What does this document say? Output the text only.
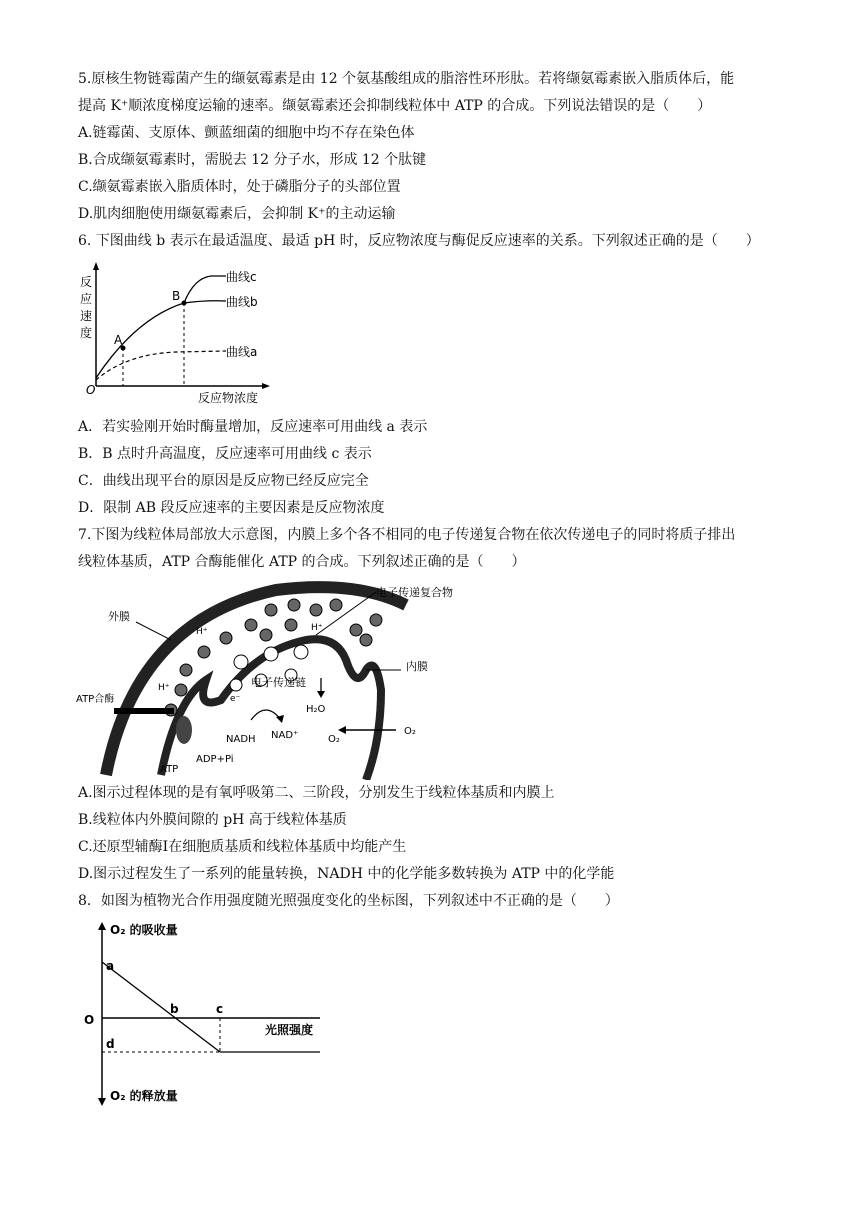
5.原核生物链霉菌产生的缬氨霉素是由 12 个氨基酸组成的脂溶性环形肽。若将缬氨霉素嵌入脂质体后，能
提高 K⁺顺浓度梯度运输的速率。缬氨霉素还会抑制线粒体中 ATP 的合成。下列说法错误的是（　　）
A.链霉菌、支原体、颤蓝细菌的细胞中均不存在染色体
B.合成缬氨霉素时，需脱去 12 分子水，形成 12 个肽键
C.缬氨霉素嵌入脂质体时，处于磷脂分子的头部位置
D.肌肉细胞使用缬氨霉素后，会抑制 K⁺的主动运输
6. 下图曲线 b 表示在最适温度、最适 pH 时，反应物浓度与酶促反应速率的关系。下列叙述正确的是（　　）
反
应
速
度
O
反应物浓度
A
B
曲线c
曲线b
曲线a
A．若实验刚开始时酶量增加，反应速率可用曲线 a 表示
B．B 点时升高温度，反应速率可用曲线 c 表示
C．曲线出现平台的原因是反应物已经反应完全
D．限制 AB 段反应速率的主要因素是反应物浓度
7.下图为线粒体局部放大示意图，内膜上多个各不相同的电子传递复合物在依次传递电子的同时将质子排出
线粒体基质，ATP 合酶能催化 ATP 的合成。下列叙述正确的是（　　）
电子传递复合物
外膜
内膜
ATP合酶
电子传递链
H⁺	H⁺
H⁺
e⁻
NADH NAD⁺
H₂O
O₂
O₂
ADP+Pi
ATP
A.图示过程体现的是有氧呼吸第二、三阶段，分别发生于线粒体基质和内膜上
B.线粒体内外膜间隙的 pH 高于线粒体基质
C.还原型辅酶Ⅰ在细胞质基质和线粒体基质中均能产生
D.图示过程发生了一系列的能量转换，NADH 中的化学能多数转换为 ATP 中的化学能
8．如图为植物光合作用强度随光照强度变化的坐标图，下列叙述中不正确的是（　　）
O₂ 的吸收量
O₂ 的释放量
光照强度
O
a
b	c
d
